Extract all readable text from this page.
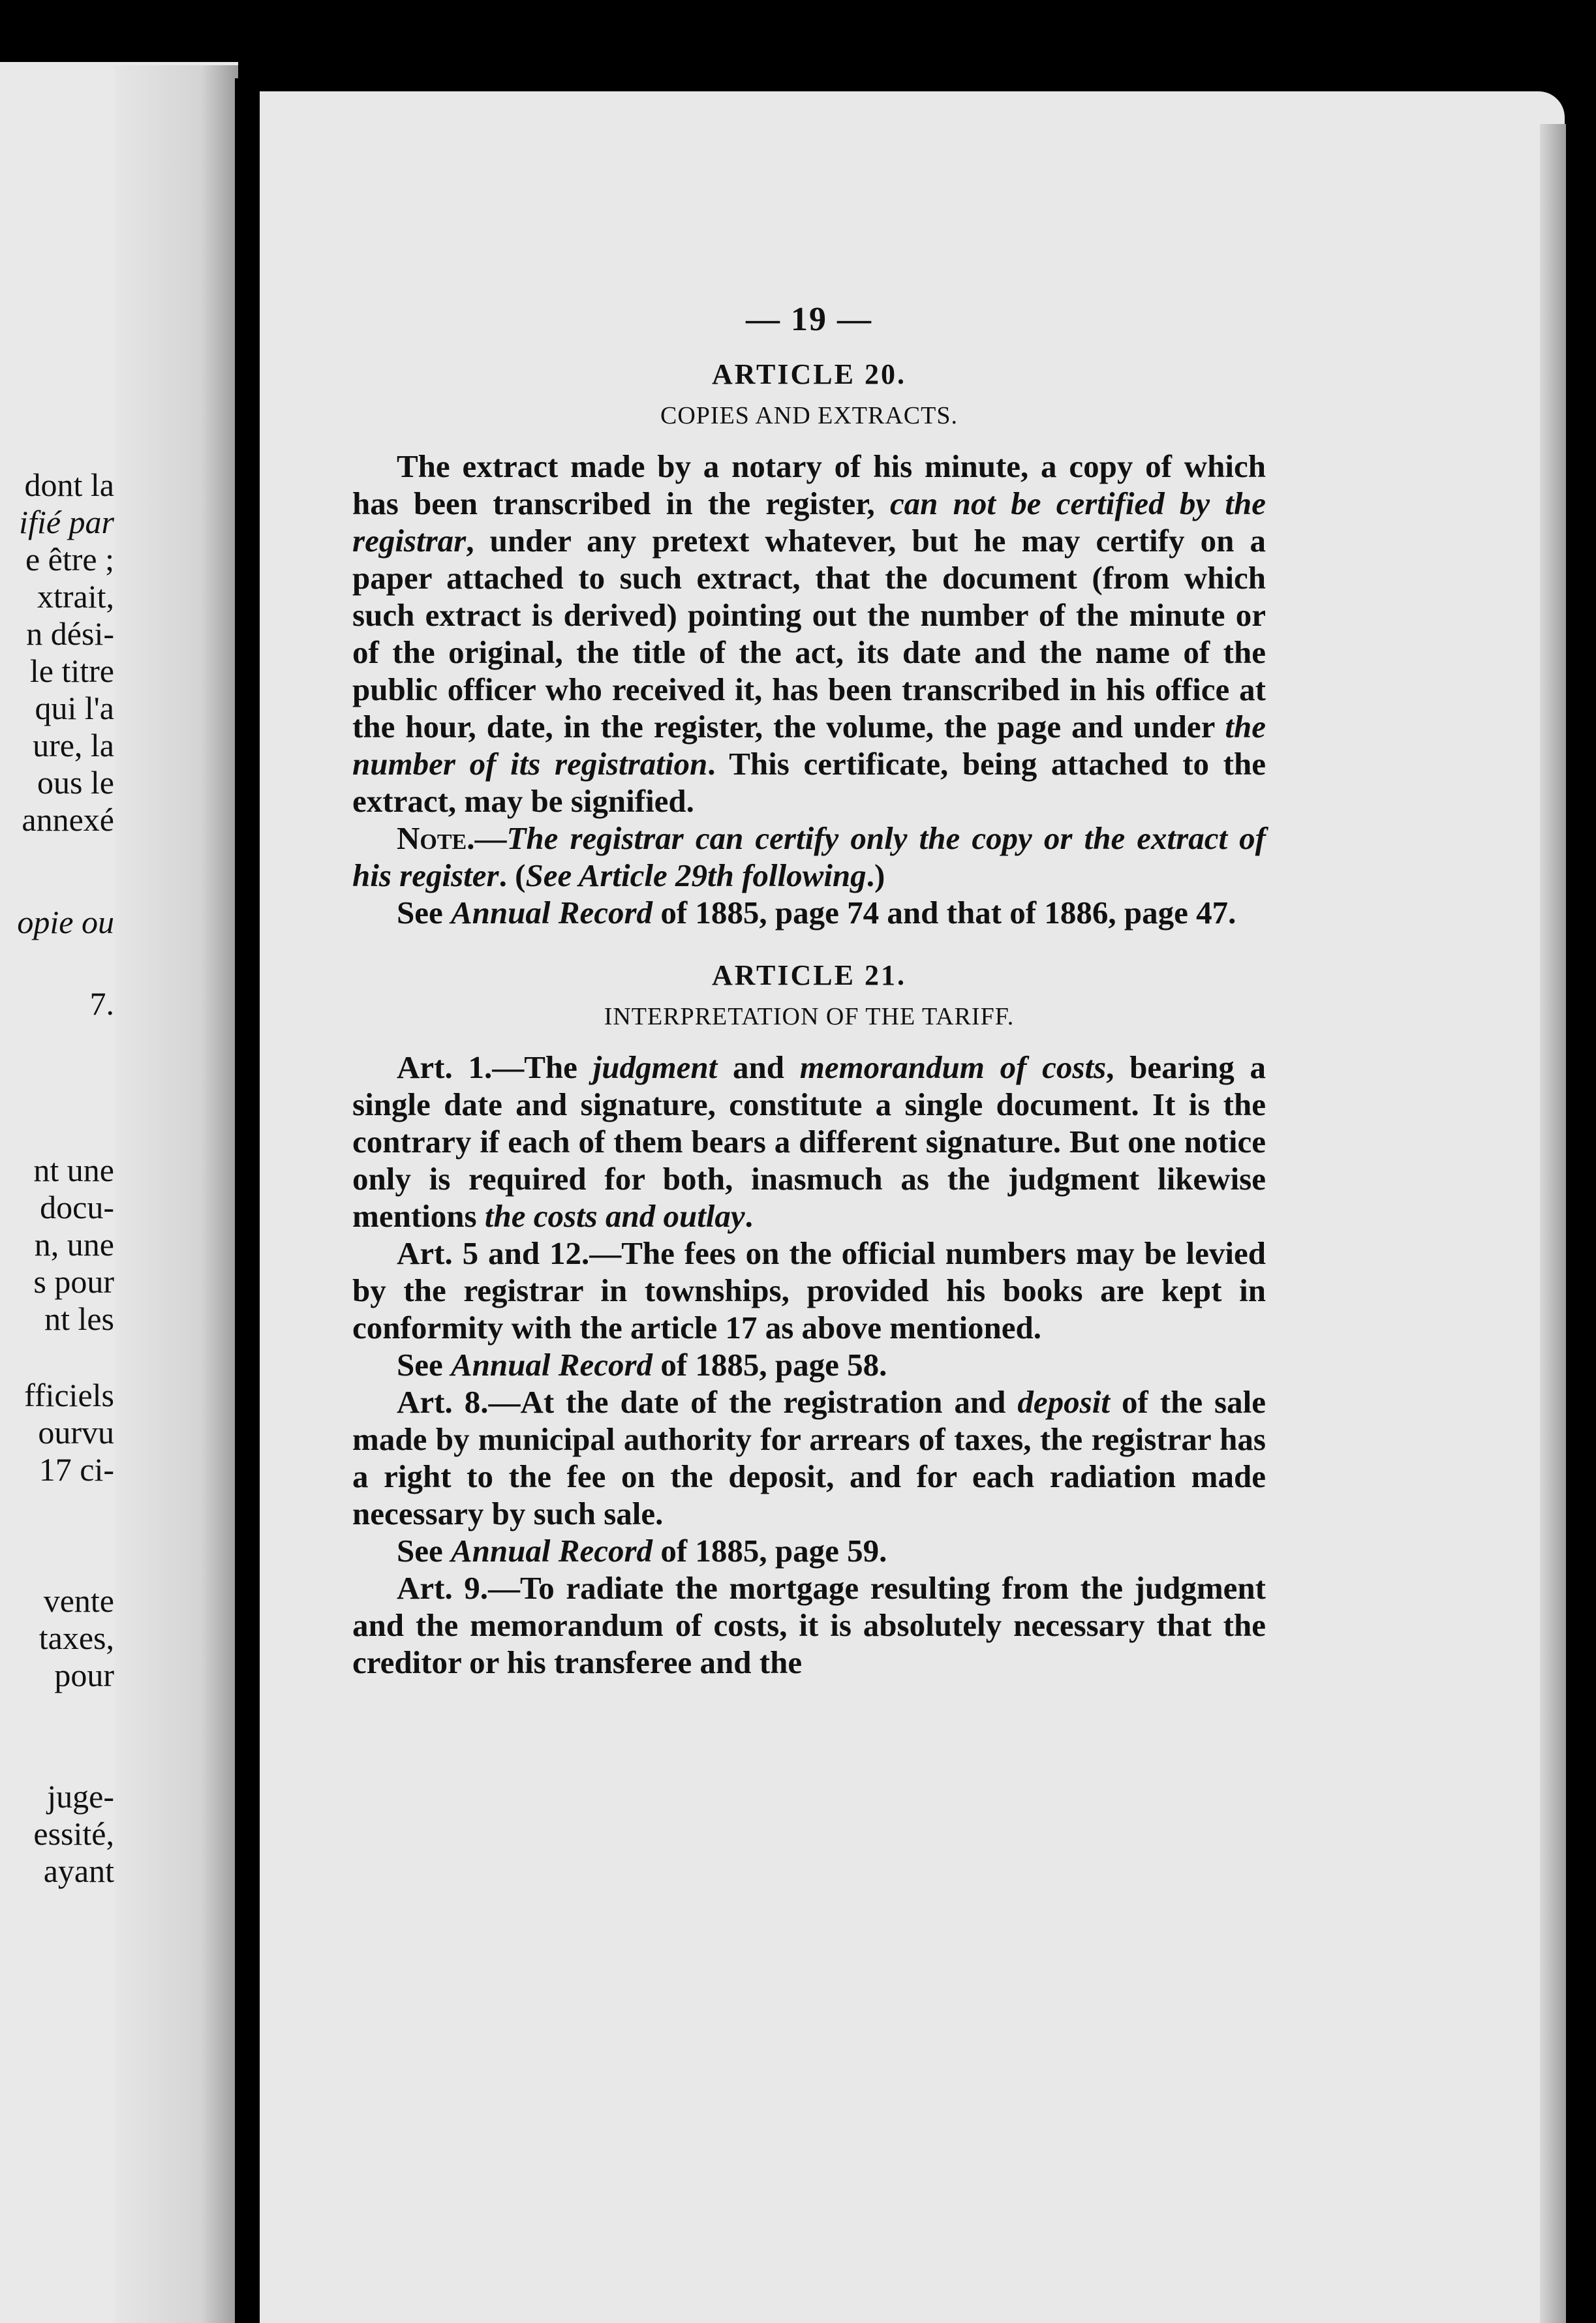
dont la
ifié par
e être ;
xtrait,
n dési-
le titre
qui l'a
ure, la
ous le
annexé
opie ou
7.
nt une
docu-
n, une
s pour
nt les
fficiels
ourvu
17 ci-
vente
taxes,
pour
juge-
essité,
ayant
— 19 —
ARTICLE 20.
COPIES AND EXTRACTS.

The extract made by a notary of his minute, a copy of which has been transcribed in the register, can not be certified by the registrar, under any pretext whatever, but he may certify on a paper attached to such extract, that the document (from which such extract is derived) pointing out the number of the minute or of the original, the title of the act, its date and the name of the public officer who received it, has been transcribed in his office at the hour, date, in the register, the volume, the page and under the number of its registration. This certificate, being attached to the extract, may be signified.

Note.—The registrar can certify only the copy or the extract of his register. (See Article 29th following.)

See Annual Record of 1885, page 74 and that of 1886, page 47.

ARTICLE 21.
INTERPRETATION OF THE TARIFF.

Art. 1.—The judgment and memorandum of costs, bearing a single date and signature, constitute a single document. It is the contrary if each of them bears a different signature. But one notice only is required for both, inasmuch as the judgment likewise mentions the costs and outlay.

Art. 5 and 12.—The fees on the official numbers may be levied by the registrar in townships, provided his books are kept in conformity with the article 17 as above mentioned.

See Annual Record of 1885, page 58.

Art. 8.—At the date of the registration and deposit of the sale made by municipal authority for arrears of taxes, the registrar has a right to the fee on the deposit, and for each radiation made necessary by such sale.

See Annual Record of 1885, page 59.

Art. 9.—To radiate the mortgage resulting from the judgment and the memorandum of costs, it is absolutely necessary that the creditor or his transferee and the
